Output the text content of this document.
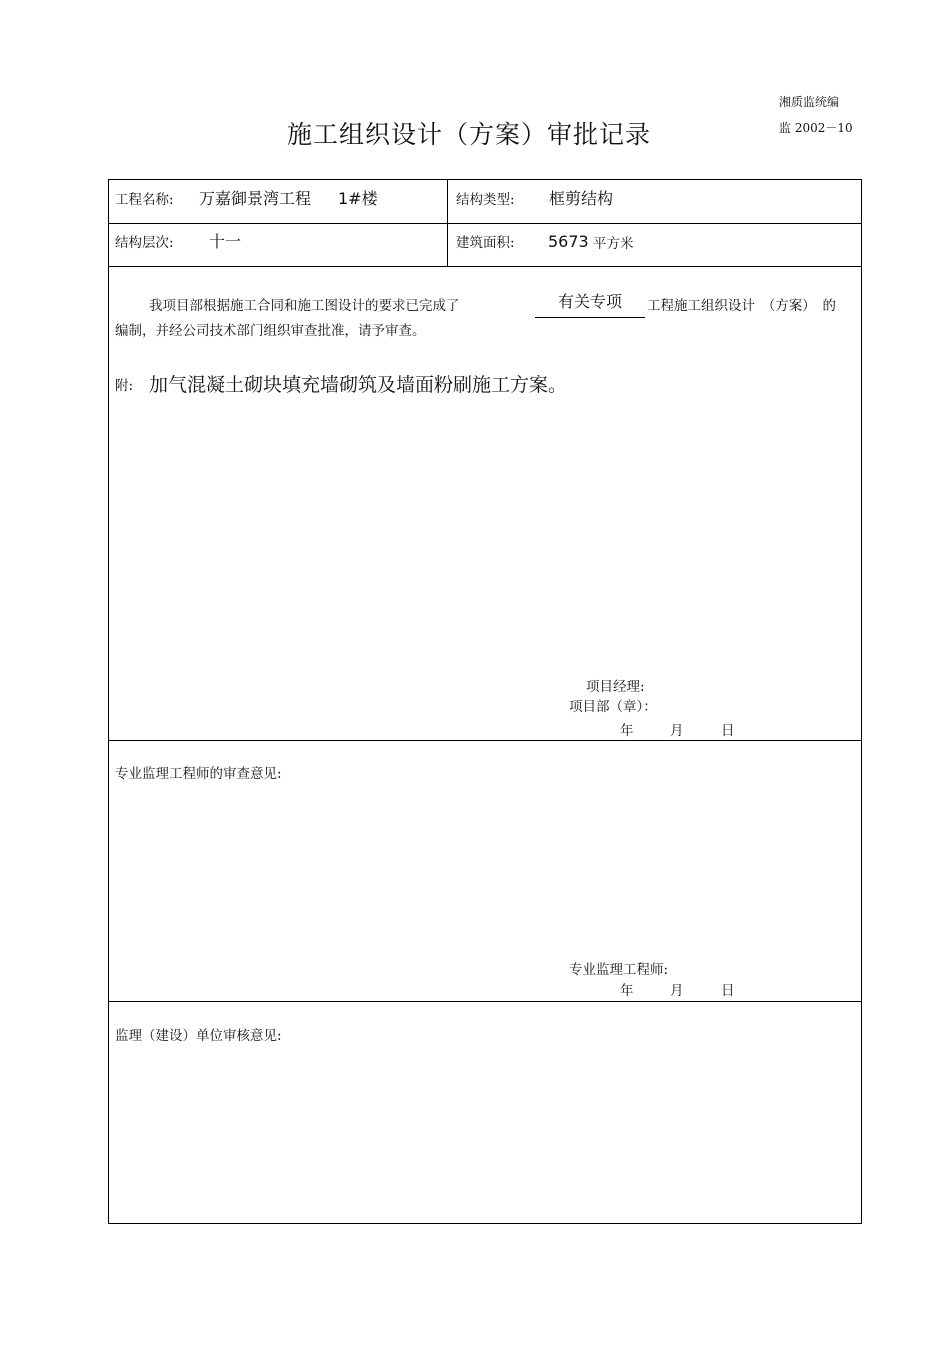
湘质监统编
监 2002－10
施工组织设计（方案）审批记录
工程名称: 万嘉御景湾工程 1#楼	结构类型: 框剪结构
结构层次: 十一	建筑面积: 5673 平方米
我项目部根据施工合同和施工图设计的要求已完成了	有关专项	工程施工组织设计　（方案）　的
编制，并经公司技术部门组织审查批准，请予审查。
附: 加气混凝土砌块填充墙砌筑及墙面粉刷施工方案。
项目经理:
项目部（章）：
年	月	日
专业监理工程师的审查意见:
专业监理工程师:
年	月	日
监理（建设）单位审核意见:
